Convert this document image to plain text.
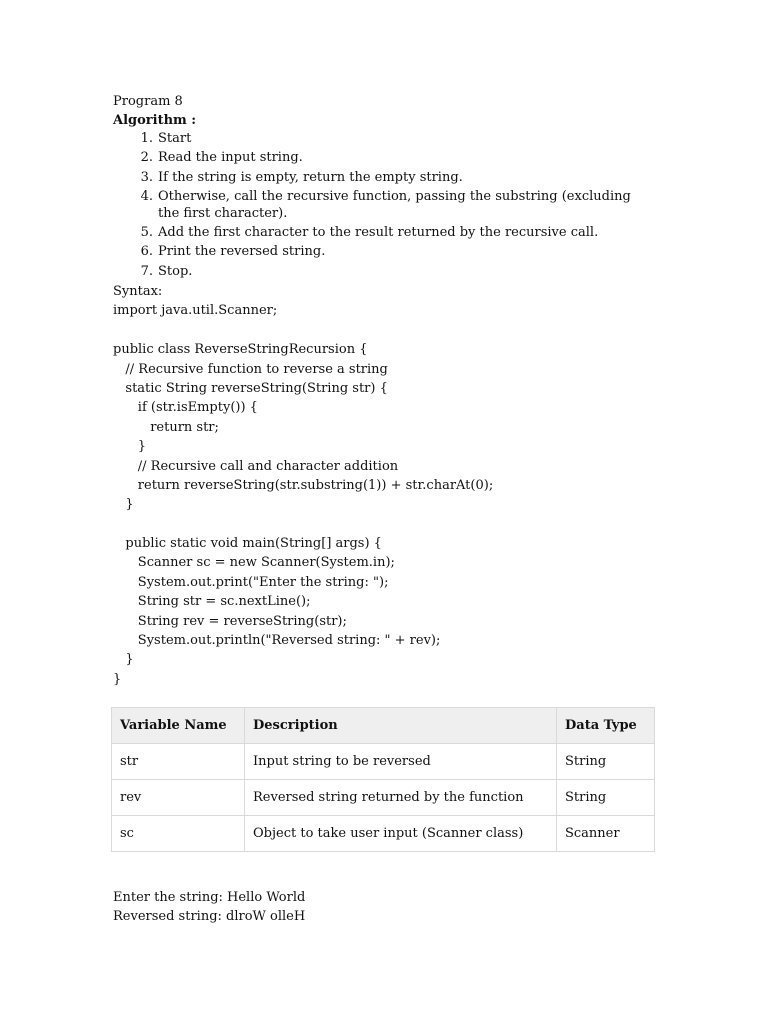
Program 8
Algorithm :
1. Start
2. Read the input string.
3. If the string is empty, return the empty string.
4. Otherwise, call the recursive function, passing the substring (excluding the first character).
5. Add the first character to the result returned by the recursive call.
6. Print the reversed string.
7. Stop.
Syntax:
import java.util.Scanner;
public class ReverseStringRecursion {
// Recursive function to reverse a string
static String reverseString(String str) {
if (str.isEmpty()) {
return str;
}
// Recursive call and character addition
return reverseString(str.substring(1)) + str.charAt(0);
}
public static void main(String[] args) {
Scanner sc = new Scanner(System.in);
System.out.print("Enter the string: ");
String str = sc.nextLine();
String rev = reverseString(str);
System.out.println("Reversed string: " + rev);
}
}
Variable Name	Description	Data Type
str	Input string to be reversed	String
rev	Reversed string returned by the function	String
sc	Object to take user input (Scanner class)	Scanner
Enter the string: Hello World
Reversed string: dlroW olleH
